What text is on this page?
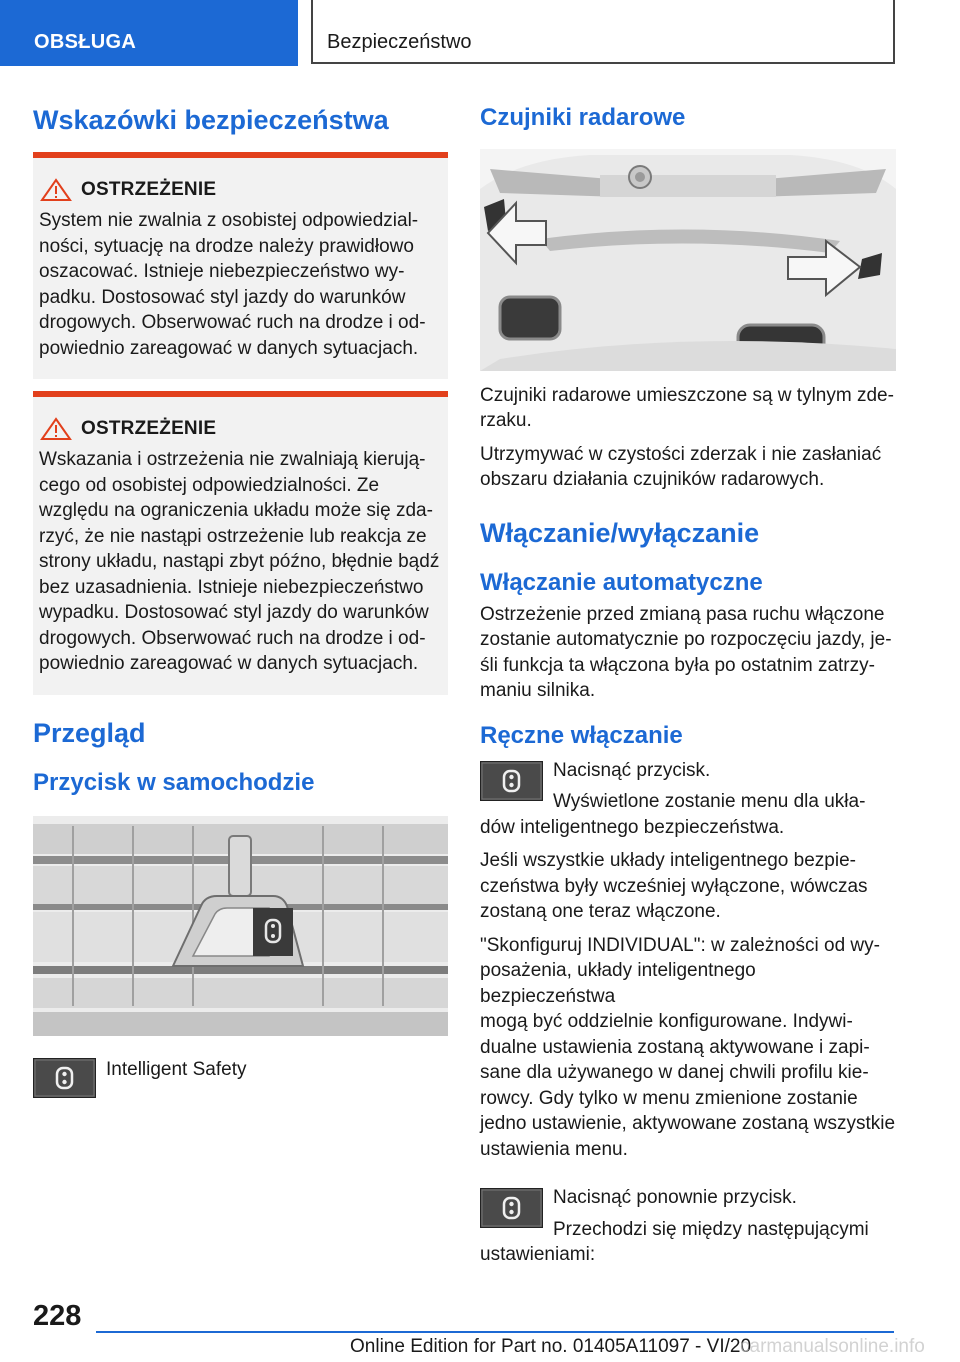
OBSŁUGA	Bezpieczeństwo
Wskazówki bezpieczeństwa
OSTRZEŻENIE
System nie zwalnia z osobistej odpowiedzial-
ności, sytuację na drodze należy prawidłowo
oszacować. Istnieje niebezpieczeństwo wy-
padku. Dostosować styl jazdy do warunków
drogowych. Obserwować ruch na drodze i od-
powiednio zareagować w danych sytuacjach.
OSTRZEŻENIE
Wskazania i ostrzeżenia nie zwalniają kierują-
cego od osobistej odpowiedzialności. Ze
względu na ograniczenia układu może się zda-
rzyć, że nie nastąpi ostrzeżenie lub reakcja ze
strony układu, nastąpi zbyt późno, błędnie bądź
bez uzasadnienia. Istnieje niebezpieczeństwo
wypadku. Dostosować styl jazdy do warunków
drogowych. Obserwować ruch na drodze i od-
powiednio zareagować w danych sytuacjach.
Przegląd
Przycisk w samochodzie

Intelligent Safety

Czujniki radarowe

Czujniki radarowe umieszczone są w tylnym zde-

rzaku.

Utrzymywać w czystości zderzak i nie zasłaniać

obszaru działania czujników radarowych.

Włączanie/wyłączanie
Włączanie automatyczne

Ostrzeżenie przed zmianą pasa ruchu włączone

zostanie automatycznie po rozpoczęciu jazdy, je-

śli funkcja ta włączona była po ostatnim zatrzy-

maniu silnika.

Ręczne włączanie

Nacisnąć przycisk.

Wyświetlone zostanie menu dla ukła-

dów inteligentnego bezpieczeństwa.

Jeśli wszystkie układy inteligentnego bezpie-

czeństwa były wcześniej wyłączone, wówczas

zostaną one teraz włączone.

"Skonfiguruj INDIVIDUAL": w zależności od wy-

posażenia, układy inteligentnego bezpieczeństwa

mogą być oddzielnie konfigurowane. Indywi-

dualne ustawienia zostaną aktywowane i zapi-

sane dla używanego w danej chwili profilu kie-

rowcy. Gdy tylko w menu zmienione zostanie

jedno ustawienie, aktywowane zostaną wszystkie

ustawienia menu.

Nacisnąć ponownie przycisk.

Przechodzi się między następującymi

ustawieniami:

228
Online Edition for Part no. 01405A11097 - VI/20
carmanualsonline.info
